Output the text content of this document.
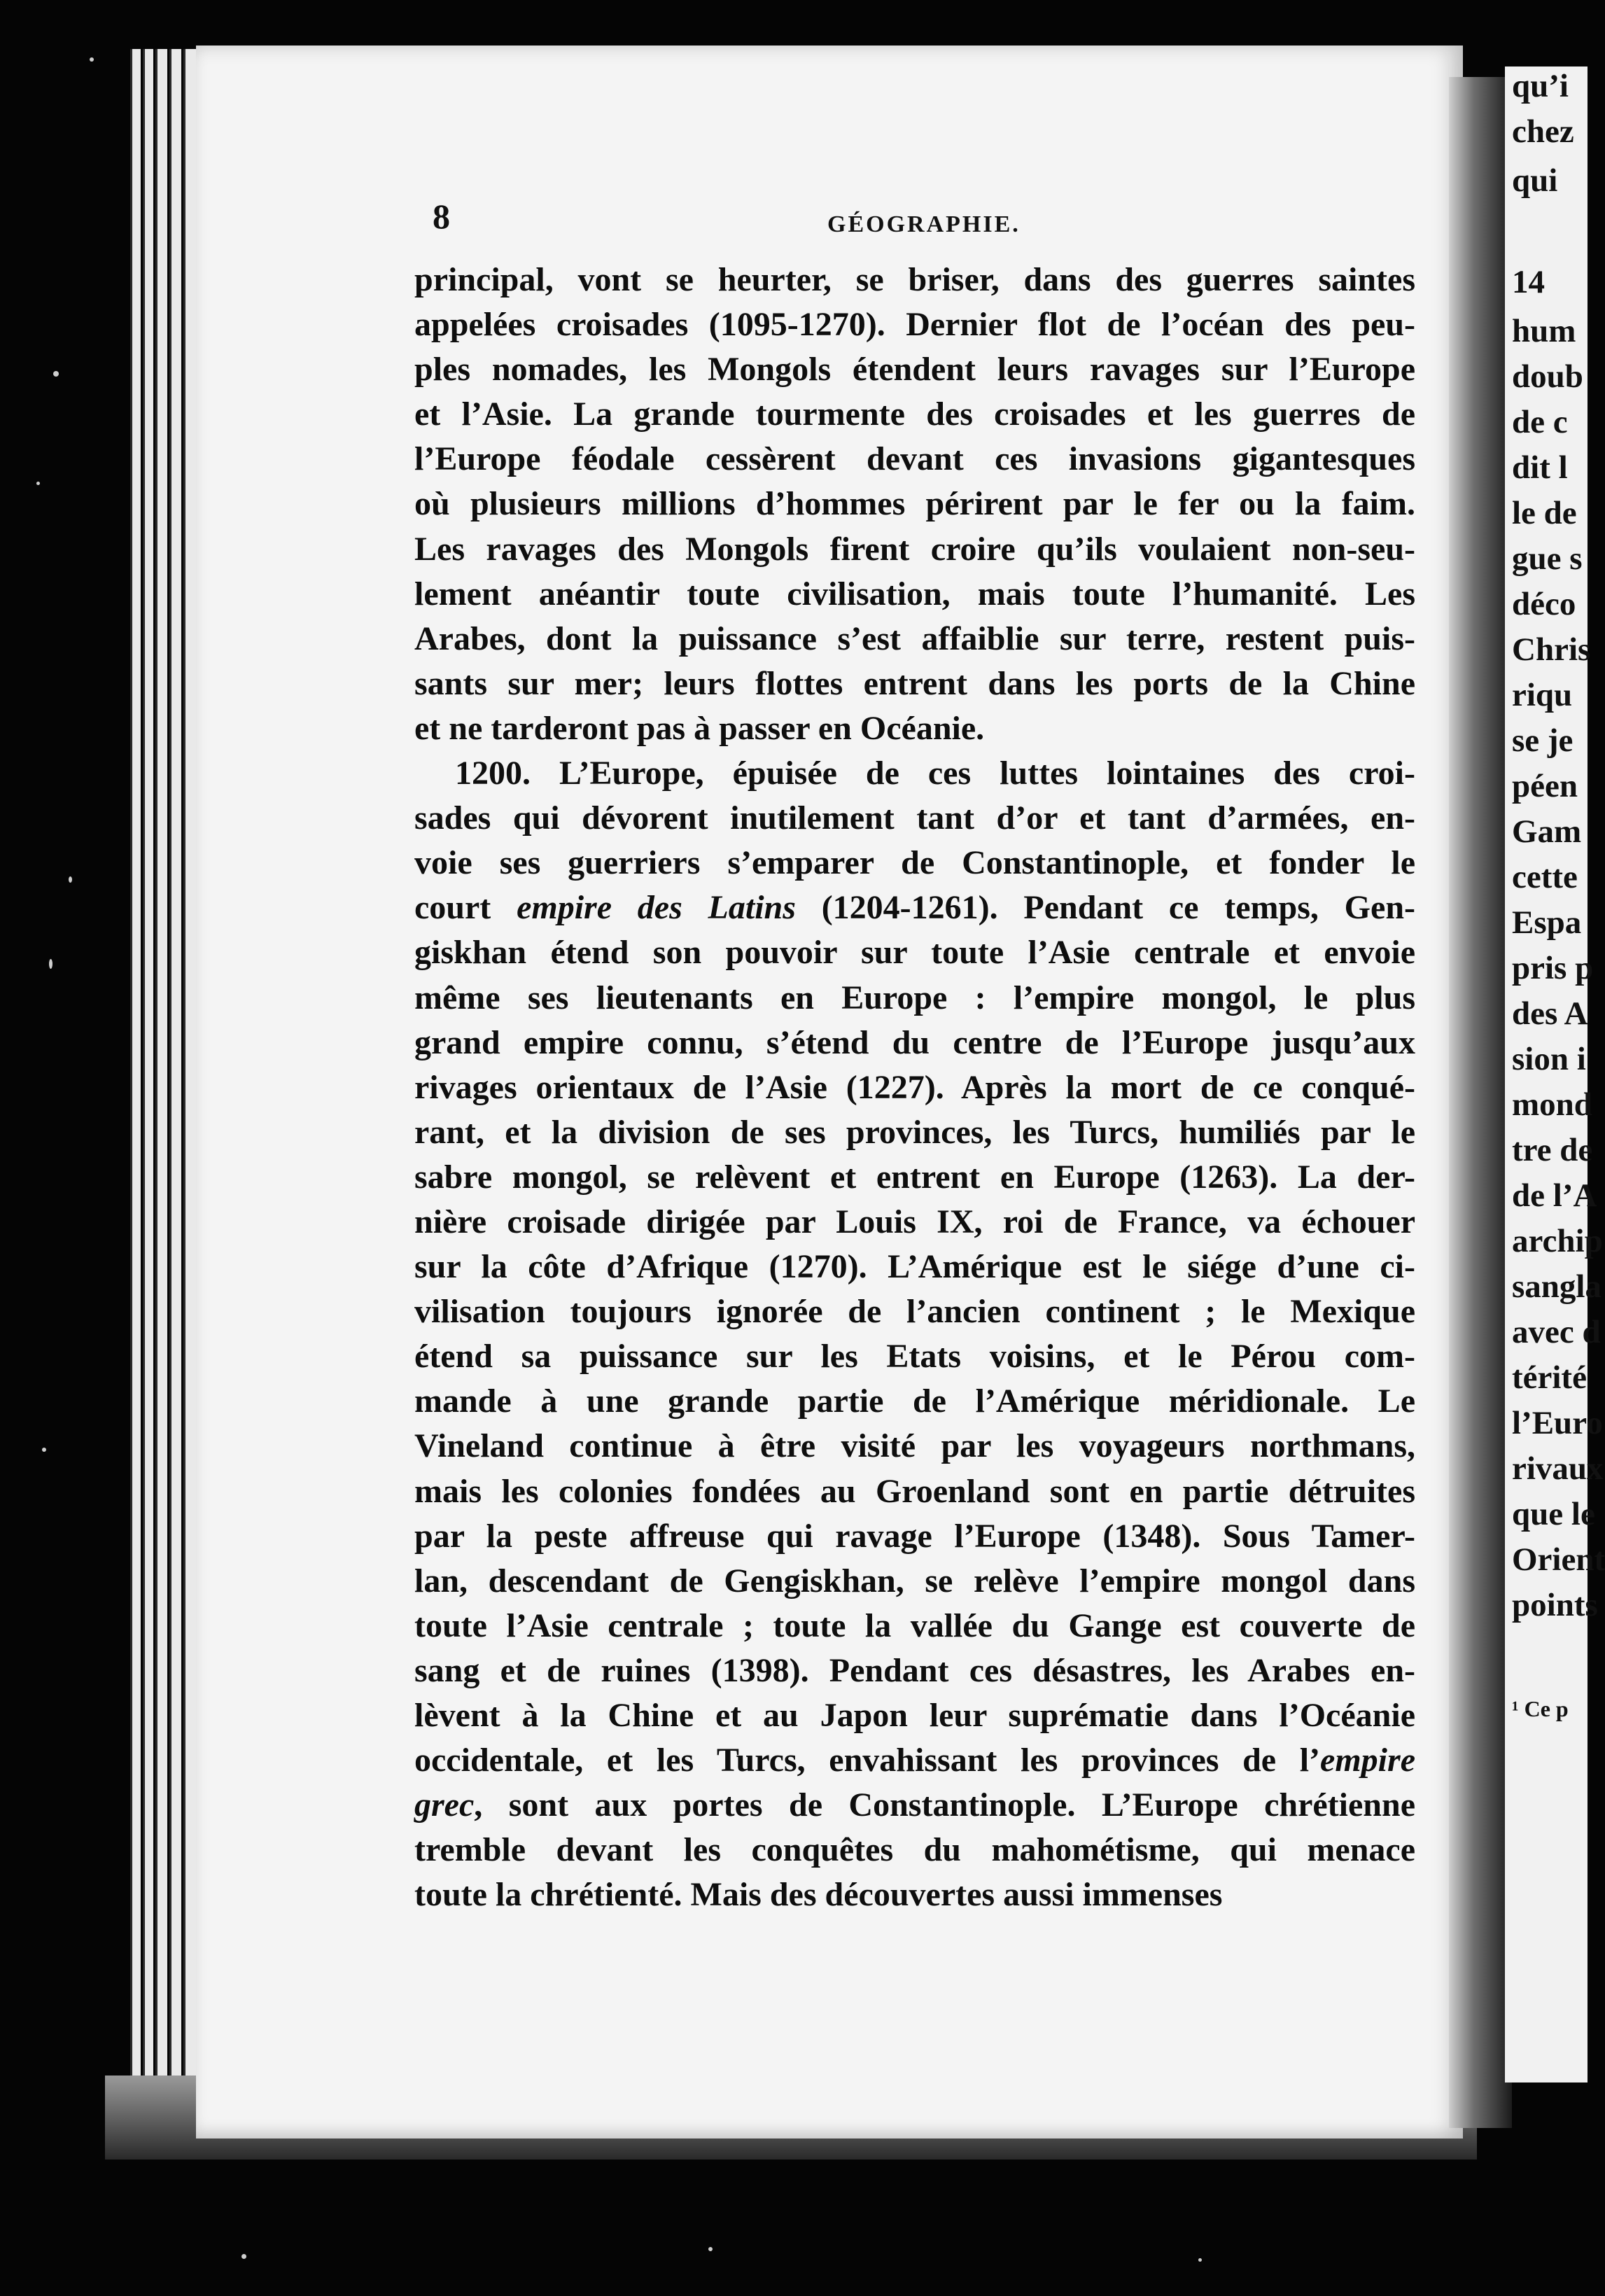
8	GÉOGRAPHIE.
principal, vont se heurter, se briser, dans des guerres saintes
appelées croisades (1095-1270). Dernier flot de l’océan des peu-
ples nomades, les Mongols étendent leurs ravages sur l’Europe
et l’Asie. La grande tourmente des croisades et les guerres de
l’Europe féodale cessèrent devant ces invasions gigantesques
où plusieurs millions d’hommes périrent par le fer ou la faim.
Les ravages des Mongols firent croire qu’ils voulaient non-seu-
lement anéantir toute civilisation, mais toute l’humanité. Les
Arabes, dont la puissance s’est affaiblie sur terre, restent puis-
sants sur mer; leurs flottes entrent dans les ports de la Chine
et ne tarderont pas à passer en Océanie.
1200. L’Europe, épuisée de ces luttes lointaines des croi-
sades qui dévorent inutilement tant d’or et tant d’armées, en-
voie ses guerriers s’emparer de Constantinople, et fonder le
court empire des Latins (1204-1261). Pendant ce temps, Gen-
giskhan étend son pouvoir sur toute l’Asie centrale et envoie
même ses lieutenants en Europe : l’empire mongol, le plus
grand empire connu, s’étend du centre de l’Europe jusqu’aux
rivages orientaux de l’Asie (1227). Après la mort de ce conqué-
rant, et la division de ses provinces, les Turcs, humiliés par le
sabre mongol, se relèvent et entrent en Europe (1263). La der-
nière croisade dirigée par Louis IX, roi de France, va échouer
sur la côte d’Afrique (1270). L’Amérique est le siége d’une ci-
vilisation toujours ignorée de l’ancien continent ; le Mexique
étend sa puissance sur les Etats voisins, et le Pérou com-
mande à une grande partie de l’Amérique méridionale. Le
Vineland continue à être visité par les voyageurs northmans,
mais les colonies fondées au Groenland sont en partie détruites
par la peste affreuse qui ravage l’Europe (1348). Sous Tamer-
lan, descendant de Gengiskhan, se relève l’empire mongol dans
toute l’Asie centrale ; toute la vallée du Gange est couverte de
sang et de ruines (1398). Pendant ces désastres, les Arabes en-
lèvent à la Chine et au Japon leur suprématie dans l’Océanie
occidentale, et les Turcs, envahissant les provinces de l’empire
grec, sont aux portes de Constantinople. L’Europe chrétienne
tremble devant les conquêtes du mahométisme, qui menace
toute la chrétienté. Mais des découvertes aussi immenses
qu’i
chez
qui
14
hum
doub
de c
dit l
le de
gue s
déco
Chris
riqu
se je
péen
Gam
cette
Espa
pris p
des A
sion i
mond
tre de
de l’A
archip
sangla
avec d
térité
l’Euro
rivaux
que le
Orient
points
¹ Ce p
